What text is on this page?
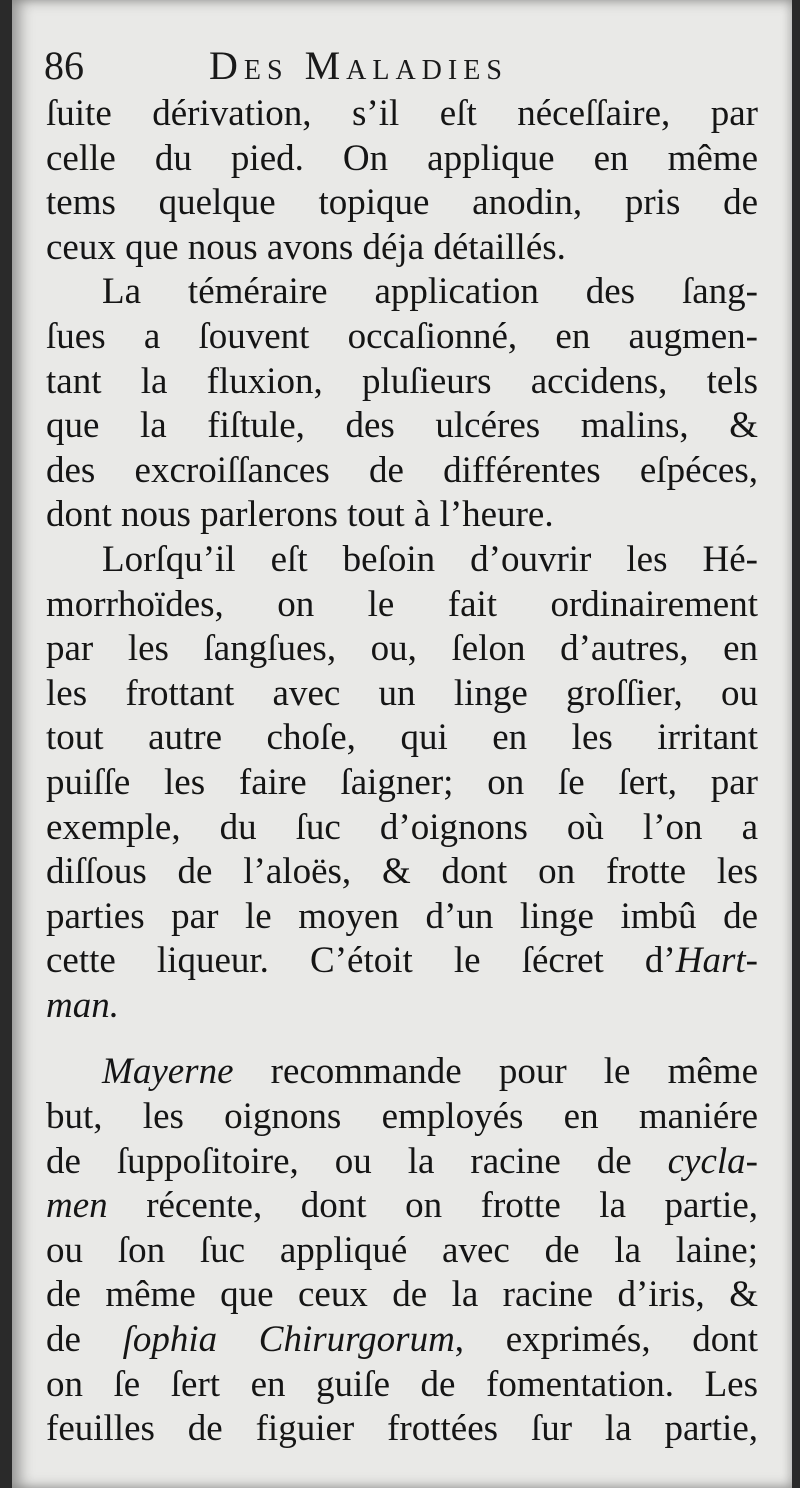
86	Des Maladies
ſuite dérivation, s’il eſt néceſſaire, par
celle du pied. On applique en même
tems quelque topique anodin, pris de
ceux que nous avons déja détaillés.
La téméraire application des ſang-
ſues a ſouvent occaſionné, en augmen-
tant la fluxion, pluſieurs accidens, tels
que la fiſtule, des ulcéres malins, &
des excroiſſances de différentes eſpéces,
dont nous parlerons tout à l’heure.
Lorſqu’il eſt beſoin d’ouvrir les Hé-
morrhoïdes, on le fait ordinairement
par les ſangſues, ou, ſelon d’autres, en
les frottant avec un linge groſſier, ou
tout autre choſe, qui en les irritant
puiſſe les faire ſaigner; on ſe ſert, par
exemple, du ſuc d’oignons où l’on a
diſſous de l’aloës, & dont on frotte les
parties par le moyen d’un linge imbû de
cette liqueur. C’étoit le ſécret d’Hart-
man.
Mayerne recommande pour le même
but, les oignons employés en maniére
de ſuppoſitoire, ou la racine de cycla-
men récente, dont on frotte la partie,
ou ſon ſuc appliqué avec de la laine;
de même que ceux de la racine d’iris, &
de ſophia Chirurgorum, exprimés, dont
on ſe ſert en guiſe de fomentation. Les
feuilles de figuier frottées ſur la partie,
